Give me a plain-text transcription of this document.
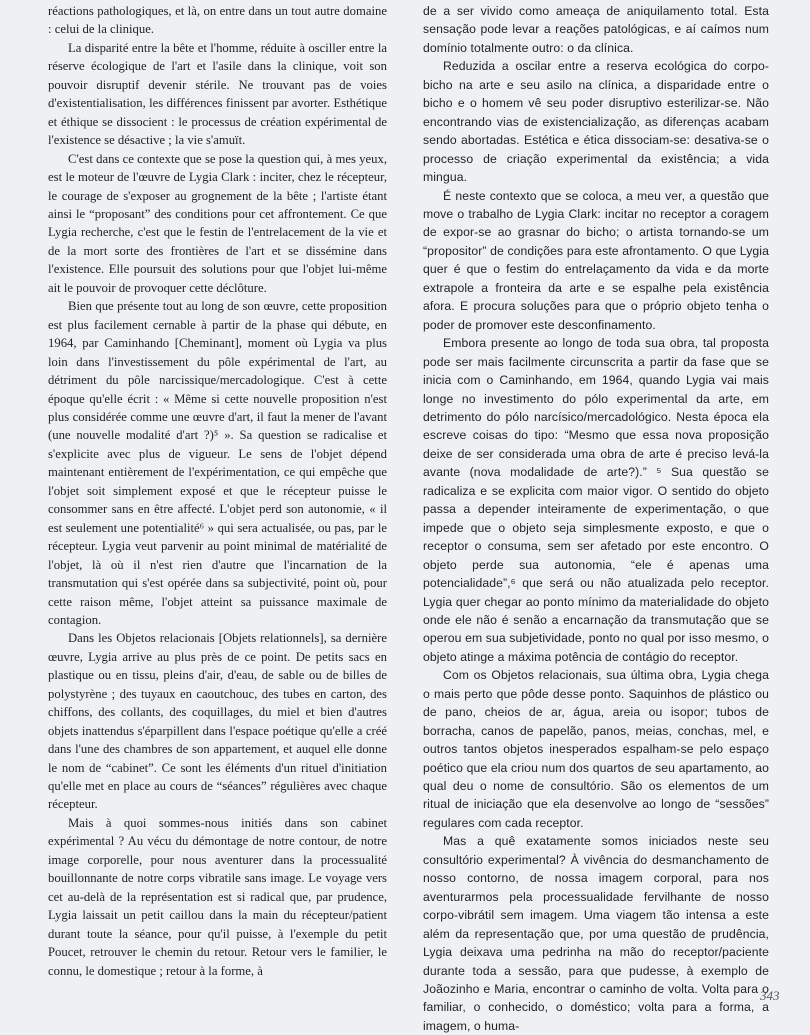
réactions pathologiques, et là, on entre dans un tout autre domaine : celui de la clinique.

La disparité entre la bête et l'homme, réduite à osciller entre la réserve écologique de l'art et l'asile dans la clinique, voit son pouvoir disruptif devenir stérile. Ne trouvant pas de voies d'existentialisation, les différences finissent par avorter. Esthétique et éthique se dissocient : le processus de création expérimental de l'existence se désactive ; la vie s'amuït.

C'est dans ce contexte que se pose la question qui, à mes yeux, est le moteur de l'œuvre de Lygia Clark : inciter, chez le récepteur, le courage de s'exposer au grognement de la bête ; l'artiste étant ainsi le “proposant” des conditions pour cet affrontement. Ce que Lygia recherche, c'est que le festin de l'entrelacement de la vie et de la mort sorte des frontières de l'art et se dissémine dans l'existence. Elle poursuit des solutions pour que l'objet lui-même ait le pouvoir de provoquer cette déclôture.

Bien que présente tout au long de son œuvre, cette proposition est plus facilement cernable à partir de la phase qui débute, en 1964, par Caminhando [Cheminant], moment où Lygia va plus loin dans l'investissement du pôle expérimental de l'art, au détriment du pôle narcissique/mercadologique. C'est à cette époque qu'elle écrit : « Même si cette nouvelle proposition n'est plus considérée comme une œuvre d'art, il faut la mener de l'avant (une nouvelle modalité d'art ?)⁵ ». Sa question se radicalise et s'explicite avec plus de vigueur. Le sens de l'objet dépend maintenant entièrement de l'expérimentation, ce qui empêche que l'objet soit simplement exposé et que le récepteur puisse le consommer sans en être affecté. L'objet perd son autonomie, « il est seulement une potentialité⁶ » qui sera actualisée, ou pas, par le récepteur. Lygia veut parvenir au point minimal de matérialité de l'objet, là où il n'est rien d'autre que l'incarnation de la transmutation qui s'est opérée dans sa subjectivité, point où, pour cette raison même, l'objet atteint sa puissance maximale de contagion.

Dans les Objetos relacionais [Objets relationnels], sa dernière œuvre, Lygia arrive au plus près de ce point. De petits sacs en plastique ou en tissu, pleins d'air, d'eau, de sable ou de billes de polystyrène ; des tuyaux en caoutchouc, des tubes en carton, des chiffons, des collants, des coquillages, du miel et bien d'autres objets inattendus s'éparpillent dans l'espace poétique qu'elle a créé dans l'une des chambres de son appartement, et auquel elle donne le nom de “cabinet”. Ce sont les éléments d'un rituel d'initiation qu'elle met en place au cours de “séances” régulières avec chaque récepteur.

Mais à quoi sommes-nous initiés dans son cabinet expérimental ? Au vécu du démontage de notre contour, de notre image corporelle, pour nous aventurer dans la processualité bouillonnante de notre corps vibratile sans image. Le voyage vers cet au-delà de la représentation est si radical que, par prudence, Lygia laissait un petit caillou dans la main du récepteur/patient durant toute la séance, pour qu'il puisse, à l'exemple du petit Poucet, retrouver le chemin du retour. Retour vers le familier, le connu, le domestique ; retour à la forme, à

de a ser vivido como ameaça de aniquilamento total. Esta sensação pode levar a reações patológicas, e aí caímos num domínio totalmente outro: o da clínica.

Reduzida a oscilar entre a reserva ecológica do corpo-bicho na arte e seu asilo na clínica, a disparidade entre o bicho e o homem vê seu poder disruptivo esterilizar-se. Não encontrando vias de existencialização, as diferenças acabam sendo abortadas. Estética e ética dissociam-se: desativa-se o processo de criação experimental da existência; a vida mingua.

É neste contexto que se coloca, a meu ver, a questão que move o trabalho de Lygia Clark: incitar no receptor a coragem de expor-se ao grasnar do bicho; o artista tornando-se um “propositor” de condições para este afrontamento. O que Lygia quer é que o festim do entrelaçamento da vida e da morte extrapole a fronteira da arte e se espalhe pela existência afora. E procura soluções para que o próprio objeto tenha o poder de promover este desconfinamento.

Embora presente ao longo de toda sua obra, tal proposta pode ser mais facilmente circunscrita a partir da fase que se inicia com o Caminhando, em 1964, quando Lygia vai mais longe no investimento do pólo experimental da arte, em detrimento do pólo narcísico/mercadológico. Nesta época ela escreve coisas do tipo: “Mesmo que essa nova proposição deixe de ser considerada uma obra de arte é preciso levá-la avante (nova modalidade de arte?).” ⁵ Sua questão se radicaliza e se explicita com maior vigor. O sentido do objeto passa a depender inteiramente de experimentação, o que impede que o objeto seja simplesmente exposto, e que o receptor o consuma, sem ser afetado por este encontro. O objeto perde sua autonomia, “ele é apenas uma potencialidade”,⁶ que será ou não atualizada pelo receptor. Lygia quer chegar ao ponto mínimo da materialidade do objeto onde ele não é senão a encarnação da transmutação que se operou em sua subjetividade, ponto no qual por isso mesmo, o objeto atinge a máxima potência de contágio do receptor.

Com os Objetos relacionais, sua última obra, Lygia chega o mais perto que pôde desse ponto. Saquinhos de plástico ou de pano, cheios de ar, água, areia ou isopor; tubos de borracha, canos de papelão, panos, meias, conchas, mel, e outros tantos objetos inesperados espalham-se pelo espaço poético que ela criou num dos quartos de seu apartamento, ao qual deu o nome de consultório. São os elementos de um ritual de iniciação que ela desenvolve ao longo de “sessões” regulares com cada receptor.

Mas a quê exatamente somos iniciados neste seu consultório experimental? À vivência do desmanchamento de nosso contorno, de nossa imagem corporal, para nos aventurarmos pela processualidade fervilhante de nosso corpo-vibrátil sem imagem. Uma viagem tão intensa a este além da representação que, por uma questão de prudência, Lygia deixava uma pedrinha na mão do receptor/paciente durante toda a sessão, para que pudesse, à exemplo de Joãozinho e Maria, encontrar o caminho de volta. Volta para o familiar, o conhecido, o doméstico; volta para a forma, a imagem, o huma-

343
